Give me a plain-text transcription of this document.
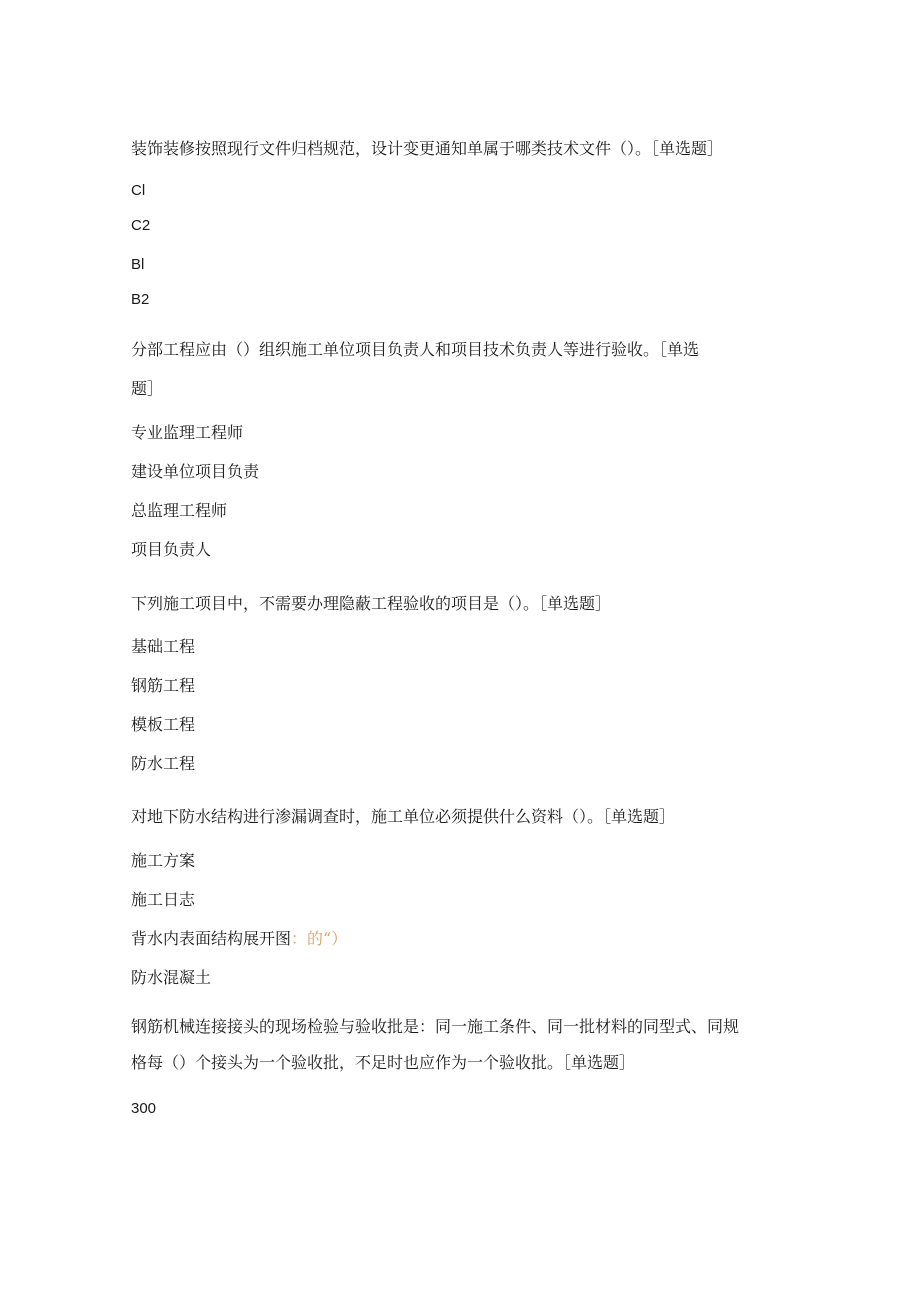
装饰装修按照现行文件归档规范，设计变更通知单属于哪类技术文件（）。［单选题］
Cl
C2
Bl
B2
分部工程应由（）组织施工单位项目负责人和项目技术负责人等进行验收。［单选
题］
专业监理工程师
建设单位项目负责
总监理工程师
项目负责人
下列施工项目中，不需要办理隐蔽工程验收的项目是（）。［单选题］
基础工程
钢筋工程
模板工程
防水工程
对地下防水结构进行渗漏调查时，施工单位必须提供什么资料（）。［单选题］
施工方案
施工日志
背水内表面结构展开图：的“）
防水混凝土
钢筋机械连接接头的现场检验与验收批是：同一施工条件、同一批材料的同型式、同规
格每（）个接头为一个验收批，不足时也应作为一个验收批。［单选题］
300
